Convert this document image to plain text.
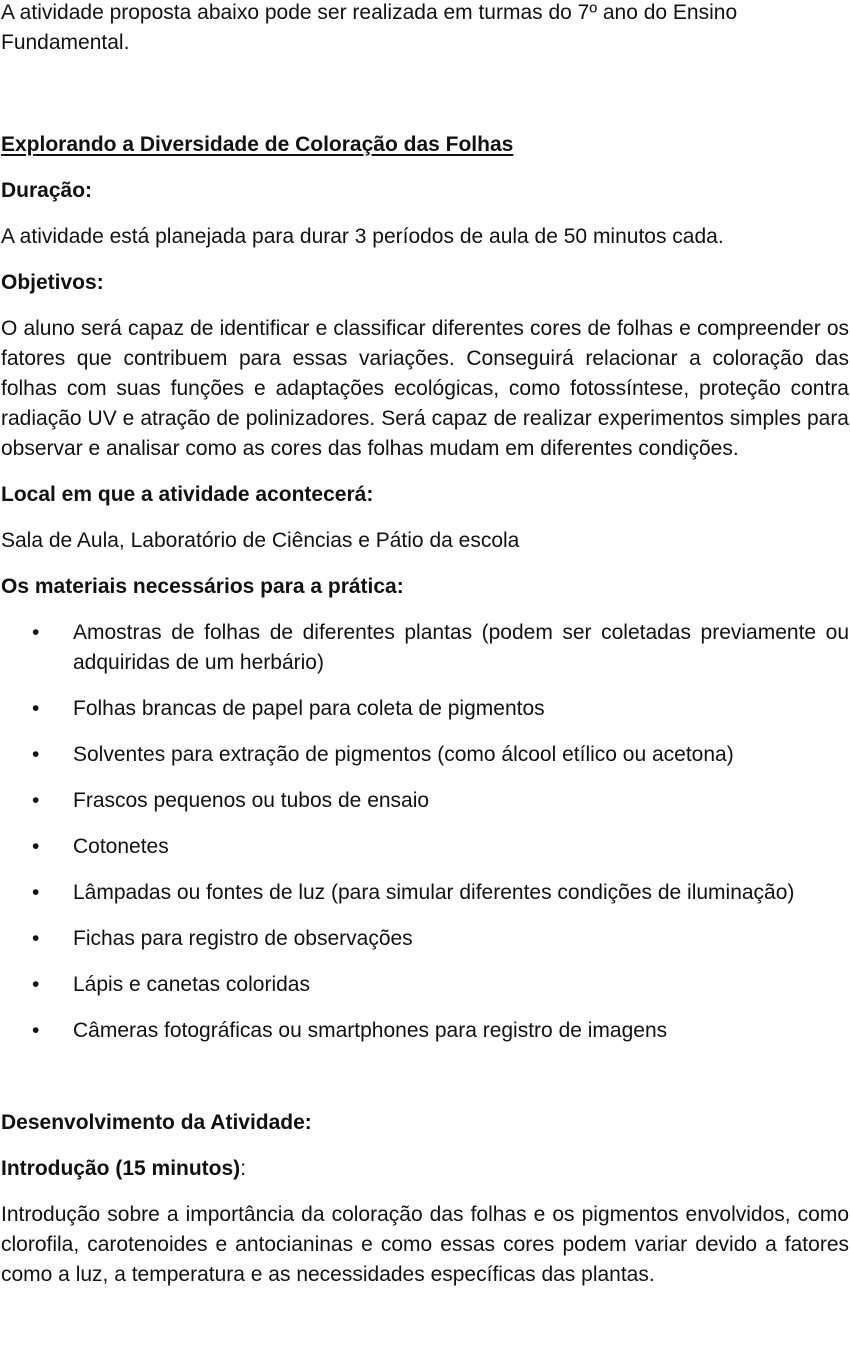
A atividade proposta abaixo pode ser realizada em turmas do 7º ano do Ensino Fundamental.

Explorando a Diversidade de Coloração das Folhas

Duração:

A atividade está planejada para durar 3 períodos de aula de 50 minutos cada.

Objetivos:

O aluno será capaz de identificar e classificar diferentes cores de folhas e compreender os fatores que contribuem para essas variações. Conseguirá relacionar a coloração das folhas com suas funções e adaptações ecológicas, como fotossíntese, proteção contra radiação UV e atração de polinizadores. Será capaz de realizar experimentos simples para observar e analisar como as cores das folhas mudam em diferentes condições.

Local em que a atividade acontecerá:

Sala de Aula, Laboratório de Ciências e Pátio da escola

Os materiais necessários para a prática:

• Amostras de folhas de diferentes plantas (podem ser coletadas previamente ou adquiridas de um herbário)
• Folhas brancas de papel para coleta de pigmentos
• Solventes para extração de pigmentos (como álcool etílico ou acetona)
• Frascos pequenos ou tubos de ensaio
• Cotonetes
• Lâmpadas ou fontes de luz (para simular diferentes condições de iluminação)
• Fichas para registro de observações
• Lápis e canetas coloridas
• Câmeras fotográficas ou smartphones para registro de imagens

Desenvolvimento da Atividade:

Introdução (15 minutos):

Introdução sobre a importância da coloração das folhas e os pigmentos envolvidos, como clorofila, carotenoides e antocianinas e como essas cores podem variar devido a fatores como a luz, a temperatura e as necessidades específicas das plantas.
